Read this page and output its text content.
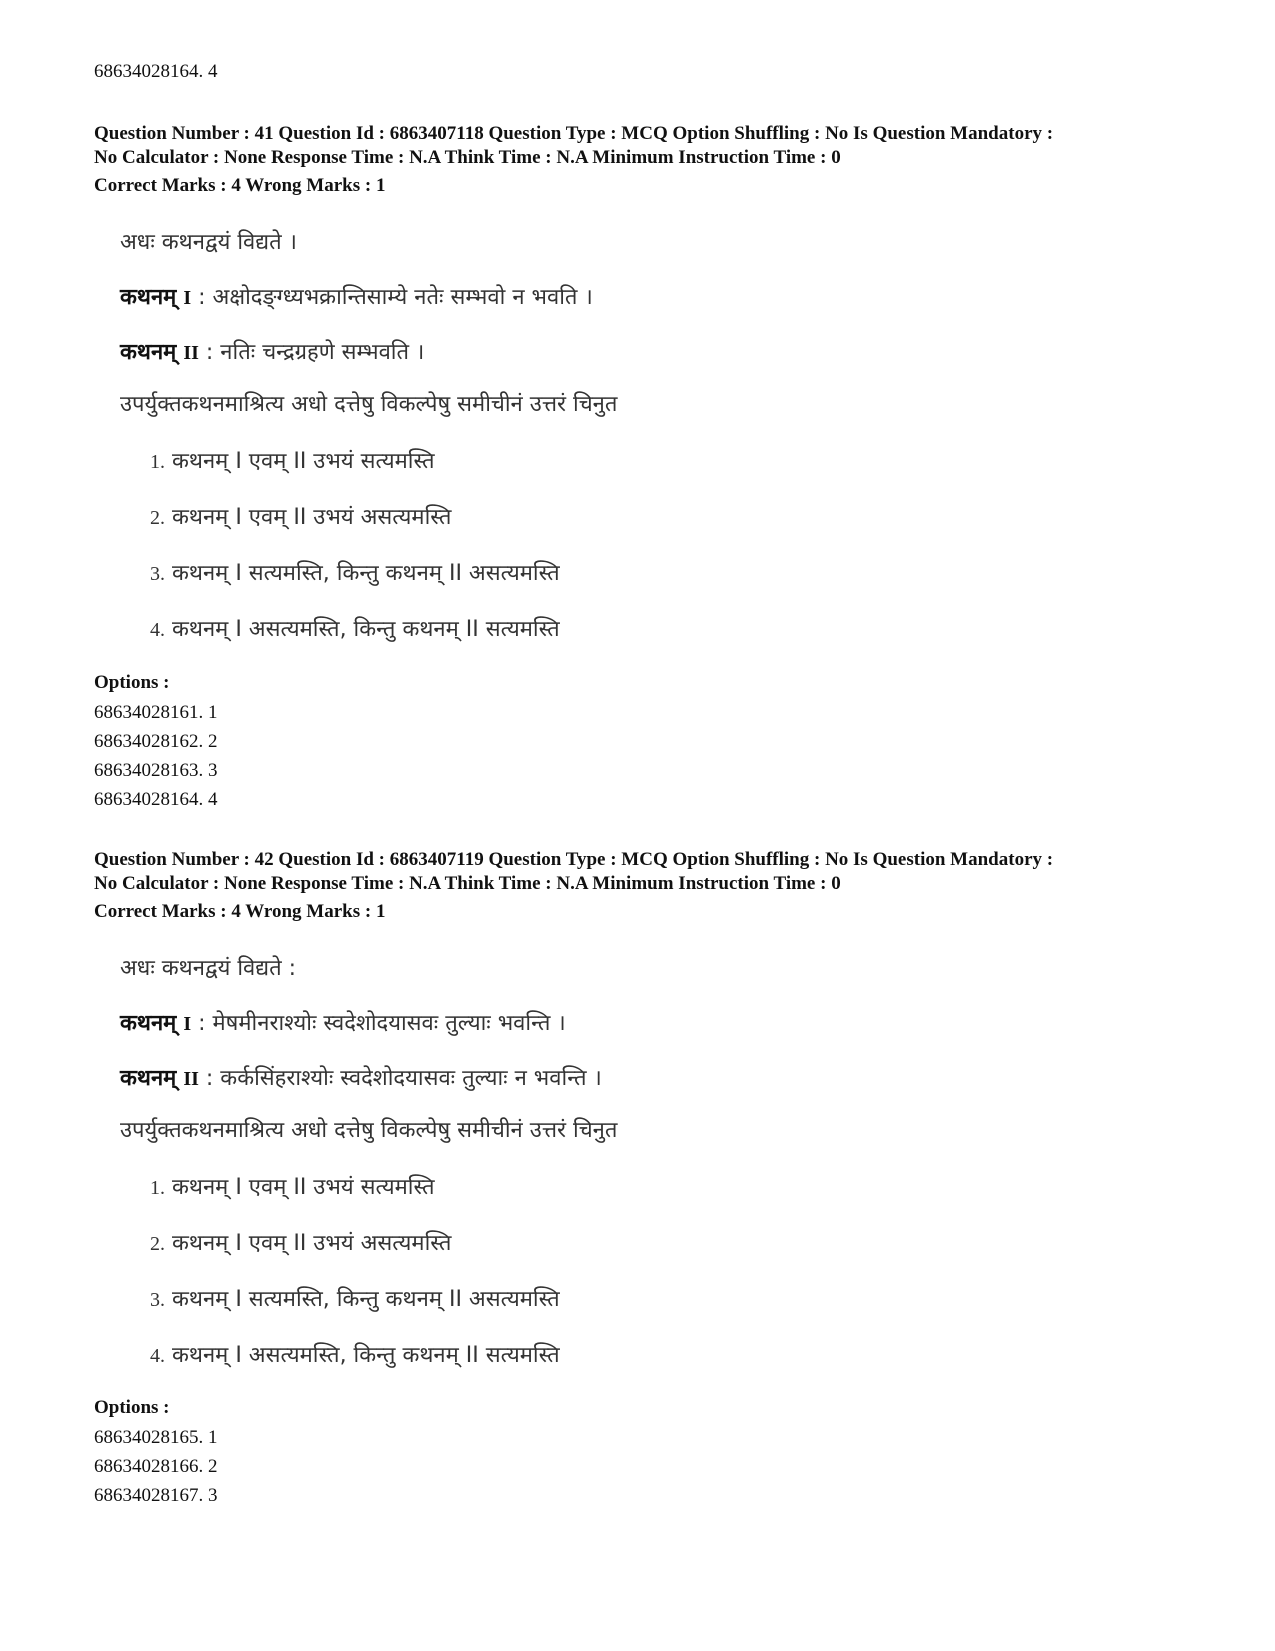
68634028164. 4

Question Number : 41 Question Id : 6863407118 Question Type : MCQ Option Shuffling : No Is Question Mandatory :

No Calculator : None Response Time : N.A Think Time : N.A Minimum Instruction Time : 0

Correct Marks : 4 Wrong Marks : 1

अधः कथनद्वयं विद्यते ।
कथनम् I : अक्षोदङ्ग्ध्यभक्रान्तिसाम्ये नतेः सम्भवो न भवति ।
कथनम् II : नतिः चन्द्रग्रहणे सम्भवति ।
उपर्युक्तकथनमाश्रित्य अधो दत्तेषु विकल्पेषु समीचीनं उत्तरं चिनुत
1. कथनम् I एवम् II उभयं सत्यमस्ति
2. कथनम् I एवम् II उभयं असत्यमस्ति
3. कथनम् I सत्यमस्ति, किन्तु कथनम् II असत्यमस्ति
4. कथनम् I असत्यमस्ति, किन्तु कथनम् II सत्यमस्ति
Options :
68634028161. 1
68634028162. 2
68634028163. 3
68634028164. 4

Question Number : 42 Question Id : 6863407119 Question Type : MCQ Option Shuffling : No Is Question Mandatory :

No Calculator : None Response Time : N.A Think Time : N.A Minimum Instruction Time : 0

Correct Marks : 4 Wrong Marks : 1

अधः कथनद्वयं विद्यते :
कथनम् I : मेषमीनराश्योः स्वदेशोदयासवः तुल्याः भवन्ति ।
कथनम् II : कर्कसिंहराश्योः स्वदेशोदयासवः तुल्याः न भवन्ति ।
उपर्युक्तकथनमाश्रित्य अधो दत्तेषु विकल्पेषु समीचीनं उत्तरं चिनुत
1. कथनम् I एवम् II उभयं सत्यमस्ति
2. कथनम् I एवम् II उभयं असत्यमस्ति
3. कथनम् I सत्यमस्ति, किन्तु कथनम् II असत्यमस्ति
4. कथनम् I असत्यमस्ति, किन्तु कथनम् II सत्यमस्ति
Options :
68634028165. 1
68634028166. 2
68634028167. 3
